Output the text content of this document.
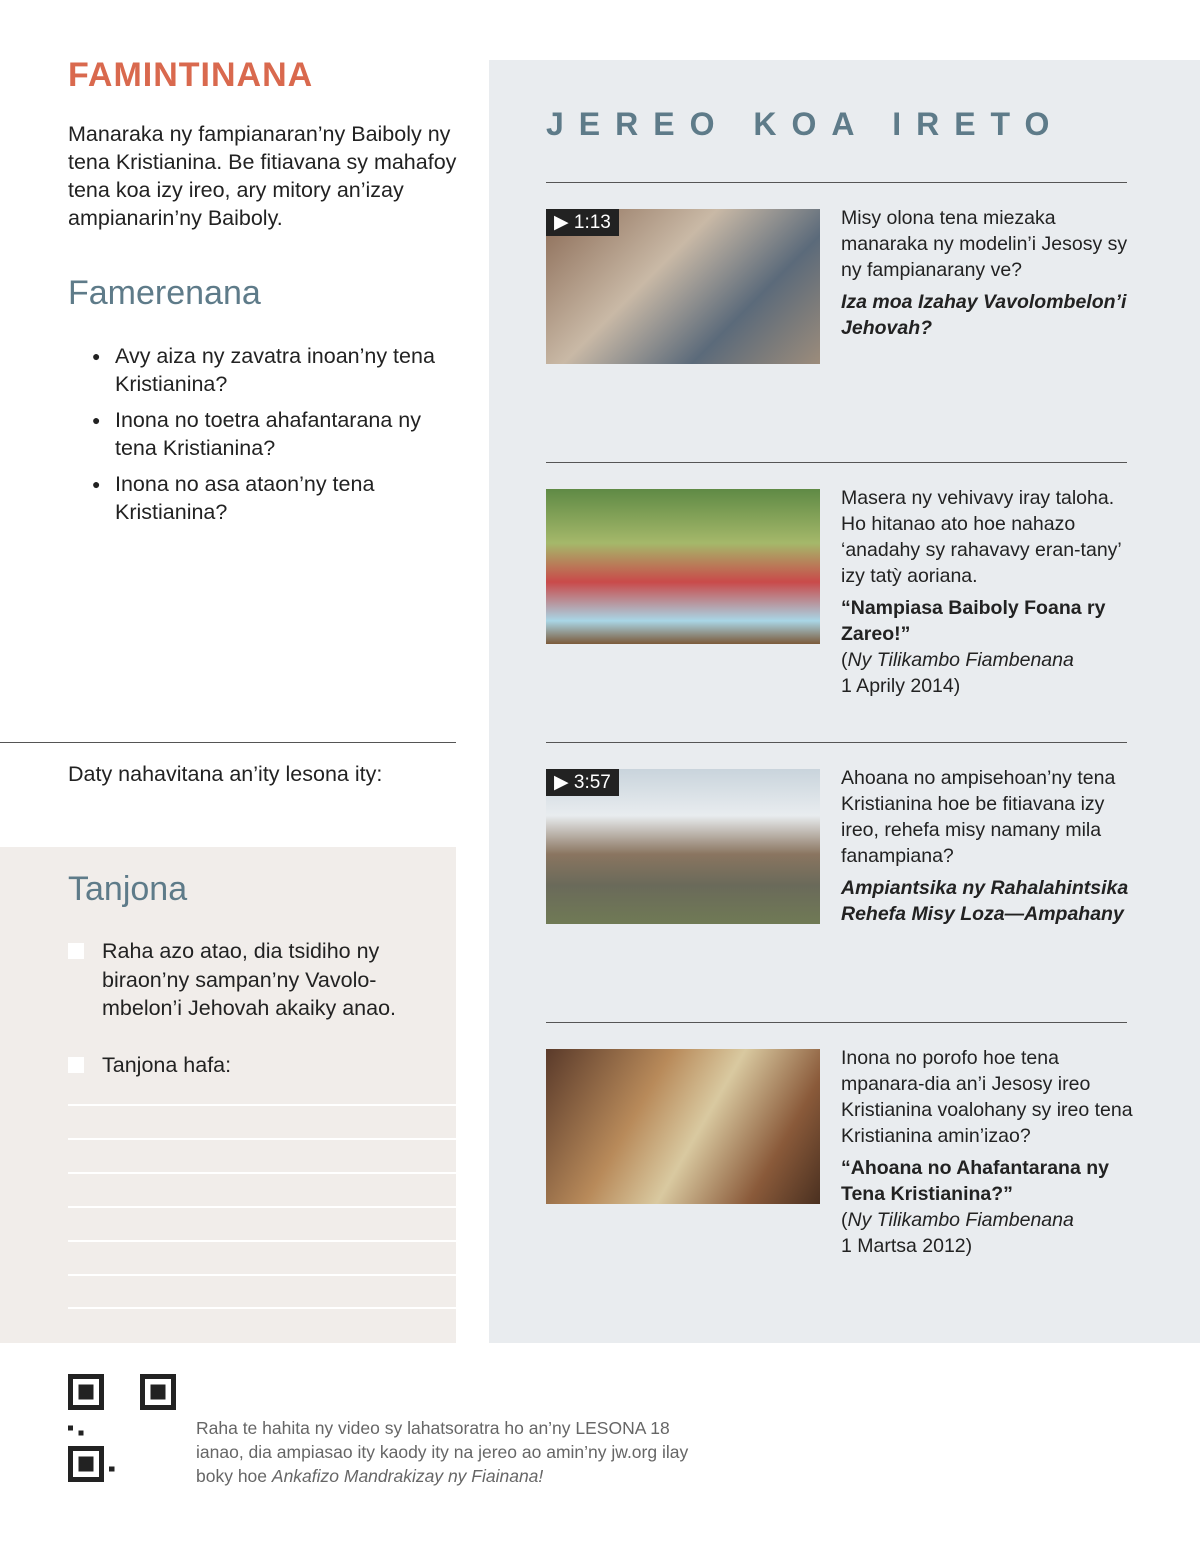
FAMINTINANA
Manaraka ny fampianaran’ny Baiboly ny tena Kristianina. Be fitiavana sy mahafoy tena koa izy ireo, ary mitory an’izay ampianarin’ny Baiboly.
Famerenana
● Avy aiza ny zavatra inoan’ny tena Kristianina?
● Inona no toetra ahafantarana ny tena Kristianina?
● Inona no asa ataon’ny tena Kristianina?
Daty nahavitana an’ity lesona ity:
Tanjona
Raha azo atao, dia tsidiho ny biraon’ny sampan’ny Vavolo- mbelon’i Jehovah akaiky anao.
Tanjona hafa:
JEREO KOA IRETO
▶ 1:13	Misy olona tena miezaka manaraka ny modelin’i Jesosy sy ny fampianarany ve?
Iza moa Izahay Vavolombelon’i Jehovah?
Masera ny vehivavy iray taloha. Ho hitanao ato hoe nahazo ‘anadahy sy rahavavy eran-tany’ izy tatỳ aoriana.
“Nampiasa Baiboly Foana ry Zareo!”
(Ny Tilikambo Fiambenana
1 Aprily 2014)
▶ 3:57	Ahoana no ampisehoan’ny tena Kristianina hoe be fitiavana izy ireo, rehefa misy namany mila fanampiana?
Ampiantsika ny Rahalahintsika Rehefa Misy Loza—Ampahany
Inona no porofo hoe tena mpanara-dia an’i Jesosy ireo Kristianina voalohany sy ireo tena Kristianina amin’izao?
“Ahoana no Ahafantarana ny Tena Kristianina?”
(Ny Tilikambo Fiambenana
1 Martsa 2012)
Raha te hahita ny video sy lahatsoratra ho an’ny LESONA 18 ianao, dia ampiasao ity kaody ity na jereo ao amin’ny jw.org ilay boky hoe Ankafizo Mandrakizay ny Fiainana!
